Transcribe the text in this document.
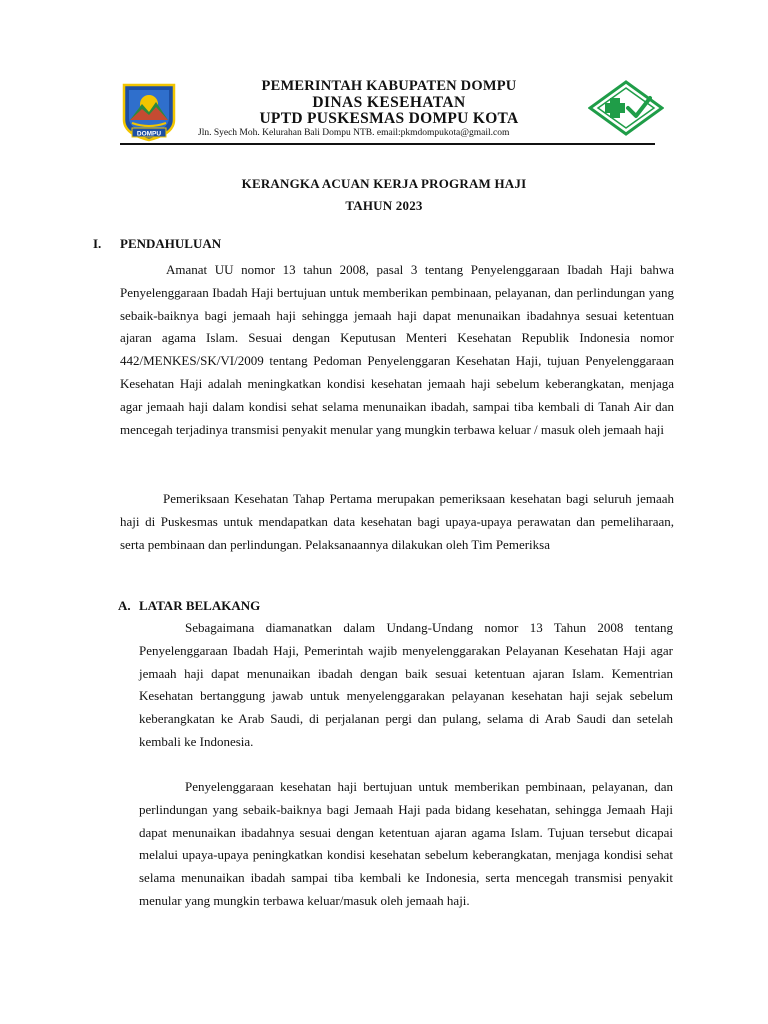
DOMPU
PEMERINTAH KABUPATEN DOMPU
DINAS KESEHATAN
UPTD PUSKESMAS DOMPU KOTA
Jln. Syech Moh. Kelurahan Bali Dompu NTB. email:pkmdompukota@gmail.com
KERANGKA ACUAN KERJA PROGRAM HAJI
TAHUN 2023
I. PENDAHULUAN

Amanat UU nomor 13 tahun 2008, pasal 3 tentang Penyelenggaraan Ibadah Haji bahwa Penyelenggaraan Ibadah Haji bertujuan untuk memberikan pembinaan, pelayanan, dan perlindungan yang sebaik-baiknya bagi jemaah haji sehingga jemaah haji dapat menunaikan ibadahnya sesuai ketentuan ajaran agama Islam. Sesuai dengan Keputusan Menteri Kesehatan Republik Indonesia nomor 442/MENKES/SK/VI/2009 tentang Pedoman Penyelenggaran Kesehatan Haji, tujuan Penyelenggaraan Kesehatan Haji adalah meningkatkan kondisi kesehatan jemaah haji sebelum keberangkatan, menjaga agar jemaah haji dalam kondisi sehat selama menunaikan ibadah, sampai tiba kembali di Tanah Air dan mencegah terjadinya transmisi penyakit menular yang mungkin terbawa keluar / masuk oleh jemaah haji

Pemeriksaan Kesehatan Tahap Pertama merupakan pemeriksaan kesehatan bagi seluruh jemaah haji di Puskesmas untuk mendapatkan data kesehatan bagi upaya-upaya perawatan dan pemeliharaan, serta pembinaan dan perlindungan. Pelaksanaannya dilakukan oleh Tim Pemeriksa

A. LATAR BELAKANG

Sebagaimana diamanatkan dalam Undang-Undang nomor 13 Tahun 2008 tentang Penyelenggaraan Ibadah Haji, Pemerintah wajib menyelenggarakan Pelayanan Kesehatan Haji agar jemaah haji dapat menunaikan ibadah dengan baik sesuai ketentuan ajaran Islam. Kementrian Kesehatan bertanggung jawab untuk menyelenggarakan pelayanan kesehatan haji sejak sebelum keberangkatan ke Arab Saudi, di perjalanan pergi dan pulang, selama di Arab Saudi dan setelah kembali ke Indonesia.

Penyelenggaraan kesehatan haji bertujuan untuk memberikan pembinaan, pelayanan, dan perlindungan yang sebaik-baiknya bagi Jemaah Haji pada bidang kesehatan, sehingga Jemaah Haji dapat menunaikan ibadahnya sesuai dengan ketentuan ajaran agama Islam. Tujuan tersebut dicapai melalui upaya-upaya peningkatkan kondisi kesehatan sebelum keberangkatan, menjaga kondisi sehat selama menunaikan ibadah sampai tiba kembali ke Indonesia, serta mencegah transmisi penyakit menular yang mungkin terbawa keluar/masuk oleh jemaah haji.
